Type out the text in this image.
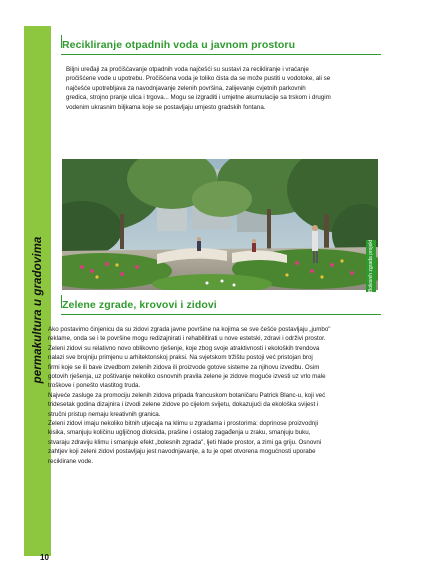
permakultura u gradovima
Recikliranje otpadnih voda u javnom prostoru

Biljni uređaji za pročišćavanje otpadnih voda najčešći su sustavi za recikliranje i vraćanje

pročišćene vode u upotrebu. Pročišćena voda je toliko čista da se može pustiti u vodotoke, ali se

najčešće upotrebljava za navodnjavanje zelenih površina, zalijevanje cvjetnih parkovnih

gredica, strojno pranje ulica i trgova... Mogu se izgraditi i umjetne akumulacije sa trskom i drugim

vodenim ukrasnim biljkama koje se postavljaju umjesto gradskih fontana.

Bolesnih zgrada projekt
Zelene zgrade, krovovi i zidovi

Ako postavimo činjenicu da su zidovi zgrada javne površine na kojima se sve češće postavljaju „jumbo"

reklame, onda se i te površine mogu redizajnirati i rehabilitirati u nove estetski, zdravi i održivi prostor.

Zeleni zidovi su relativno novo oblikovno rješenje, koje zbog svoje atraktivnosti i ekoloških trendova

nalazi sve brojniju primjenu u arhitektonskoj praksi. Na svjetskom tržištu postoji već pristojan broj

firmi koje se ili bave izvedbom zelenih zidova ili proizvode gotove sisteme za njihovu izvedbu. Osim

gotovih rješenja, uz poštivanje nekoliko osnovnih pravila zelene je zidove moguće izvesti uz vrlo male

troškove i ponešto vlastitog truda.

Najveće zasluge za promociju zelenih zidova pripada francuskom botaničaru Patrick Blanc-u, koji već

tridesetak godina dizajnira i izvodi zelene zidove po cijelom svijetu, dokazujući da ekološka svijest i

stručni pristup nemaju kreativnih granica.

Zeleni zidovi imaju nekoliko bitnih utjecaja na klimu u zgradama i prostorima: doprinose proizvodnji

kisika, smanjuju količinu ugljičnog dioksida, prašine i ostalog zagađenja u zraku, smanjuju buku,

stvaraju zdraviju klimu i smanjuje efekt „bolesnih zgrada", ljeti hlade prostor, a zimi ga griju. Osnovni

zahtjev koji zeleni zidovi postavljaju jest navodnjavanje, a tu je opet otvorena mogućnosti uporabe

reciklirane vode.

10
